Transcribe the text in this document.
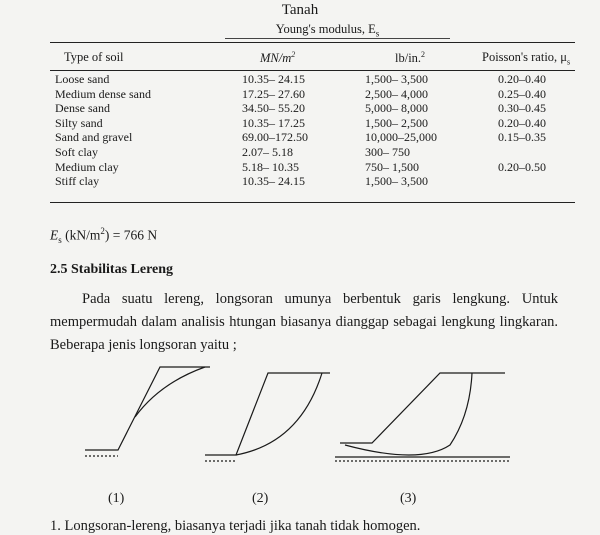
Tanah
Young's modulus, $E_s$
Type of soil	$MN/m^2$	lb/in.$^2$	Poisson's ratio, $\mu_s$
Loose sand	10.35– 24.15	1,500– 3,500	0.20–0.40
Medium dense sand	17.25– 27.60	2,500– 4,000	0.25–0.40
Dense sand	34.50– 55.20	5,000– 8,000	0.30–0.45
Silty sand	10.35– 17.25	1,500– 2,500	0.20–0.40
Sand and gravel	69.00–172.50	10,000–25,000	0.15–0.35
Soft clay	2.07– 5.18	300– 750
Medium clay	5.18– 10.35	750– 1,500	0.20–0.50
Stiff clay	10.35– 24.15	1,500– 3,500
$E_s$ $(kN/m^2) = 766$ N
2.5 Stabilitas Lereng
Pada suatu lereng, longsoran umunya berbentuk garis lengkung. Untuk mempermudah dalam analisis htungan biasanya dianggap sebagai lengkung lingkaran. Beberapa jenis longsoran yaitu ;
(1)	(2)	(3)
1. Longsoran-lereng, biasanya terjadi jika tanah tidak homogen.
